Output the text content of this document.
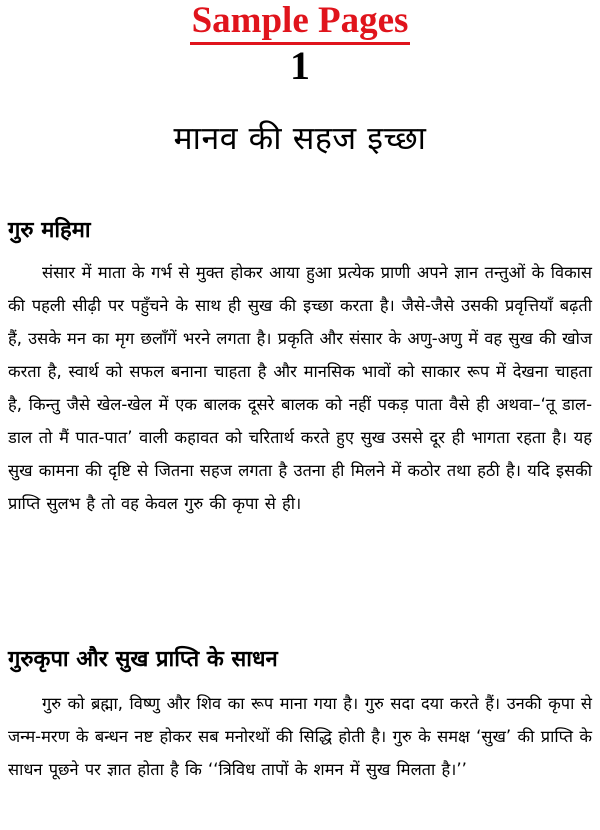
Sample Pages
1
मानव की सहज इच्छा
गुरु महिमा

संसार में माता के गर्भ से मुक्त होकर आया हुआ प्रत्येक प्राणी अपने ज्ञान तन्तुओं के विकास की पहली सीढ़ी पर पहुँचने के साथ ही सुख की इच्छा करता है। जैसे-जैसे उसकी प्रवृत्तियाँ बढ़ती हैं, उसके मन का मृग छलाँगें भरने लगता है। प्रकृति और संसार के अणु-अणु में वह सुख की खोज करता है, स्वार्थ को सफल बनाना चाहता है और मानसिक भावों को साकार रूप में देखना चाहता है, किन्तु जैसे खेल-खेल में एक बालक दूसरे बालक को नहीं पकड़ पाता वैसे ही अथवा–‘तू डाल-डाल तो मैं पात-पात’ वाली कहावत को चरितार्थ करते हुए सुख उससे दूर ही भागता रहता है। यह सुख कामना की दृष्टि से जितना सहज लगता है उतना ही मिलने में कठोर तथा हठी है। यदि इसकी प्राप्ति सुलभ है तो वह केवल गुरु की कृपा से ही।

गुरुकृपा और सुख प्राप्ति के साधन

गुरु को ब्रह्मा, विष्णु और शिव का रूप माना गया है। गुरु सदा दया करते हैं। उनकी कृपा से जन्म-मरण के बन्धन नष्ट होकर सब मनोरथों की सिद्धि होती है। गुरु के समक्ष ‘सुख’ की प्राप्ति के साधन पूछने पर ज्ञात होता है कि ‘‘त्रिविध तापों के शमन में सुख मिलता है।’’
